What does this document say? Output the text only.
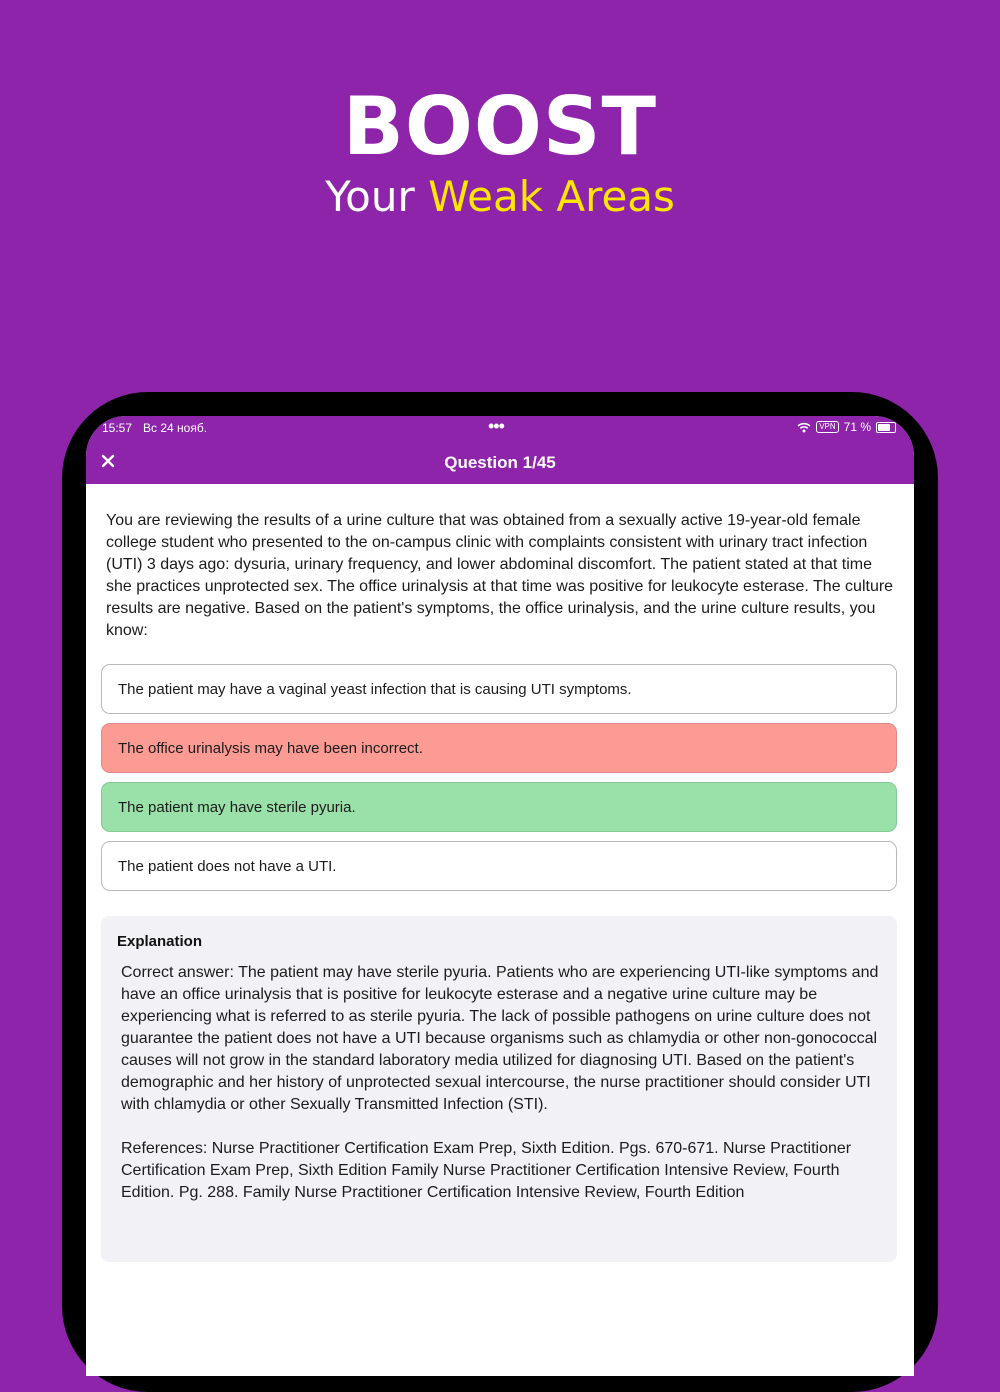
BOOST
Your Weak Areas
15:57 Вс 24 нояб.	•••	VPN 71 %
Question 1/45
You are reviewing the results of a urine culture that was obtained from a sexually active 19-year-old female college student who presented to the on-campus clinic with complaints consistent with urinary tract infection (UTI) 3 days ago: dysuria, urinary frequency, and lower abdominal discomfort. The patient stated at that time she practices unprotected sex. The office urinalysis at that time was positive for leukocyte esterase. The culture results are negative. Based on the patient's symptoms, the office urinalysis, and the urine culture results, you know:
The patient may have a vaginal yeast infection that is causing UTI symptoms.
The office urinalysis may have been incorrect.
The patient may have sterile pyuria.
The patient does not have a UTI.
Explanation

Correct answer: The patient may have sterile pyuria. Patients who are experiencing UTI-like symptoms and have an office urinalysis that is positive for leukocyte esterase and a negative urine culture may be experiencing what is referred to as sterile pyuria. The lack of possible pathogens on urine culture does not guarantee the patient does not have a UTI because organisms such as chlamydia or other non-gonococcal causes will not grow in the standard laboratory media utilized for diagnosing UTI. Based on the patient's demographic and her history of unprotected sexual intercourse, the nurse practitioner should consider UTI with chlamydia or other Sexually Transmitted Infection (STI).

References: Nurse Practitioner Certification Exam Prep, Sixth Edition. Pgs. 670-671. Nurse Practitioner Certification Exam Prep, Sixth Edition Family Nurse Practitioner Certification Intensive Review, Fourth Edition. Pg. 288. Family Nurse Practitioner Certification Intensive Review, Fourth Edition
